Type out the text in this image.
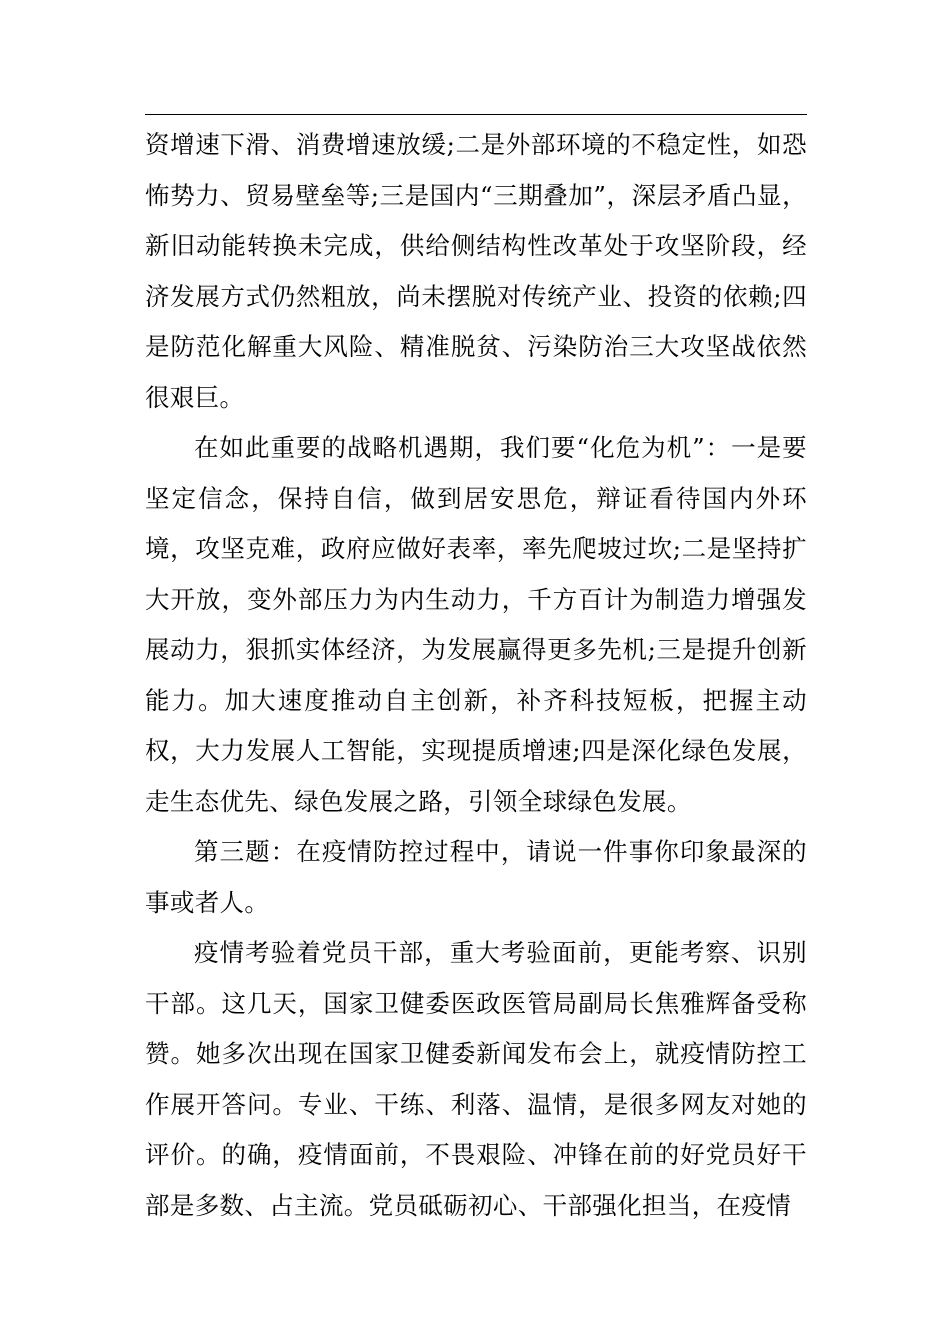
资增速下滑、消费增速放缓;二是外部环境的不稳定性，如恐怖势力、贸易壁垒等;三是国内“三期叠加”，深层矛盾凸显，新旧动能转换未完成，供给侧结构性改革处于攻坚阶段，经济发展方式仍然粗放，尚未摆脱对传统产业、投资的依赖;四是防范化解重大风险、精准脱贫、污染防治三大攻坚战依然很艰巨。

在如此重要的战略机遇期，我们要“化危为机”：一是要坚定信念，保持自信，做到居安思危，辩证看待国内外环境，攻坚克难，政府应做好表率，率先爬坡过坎;二是坚持扩大开放，变外部压力为内生动力，千方百计为制造力增强发展动力，狠抓实体经济，为发展赢得更多先机;三是提升创新能力。加大速度推动自主创新，补齐科技短板，把握主动权，大力发展人工智能，实现提质增速;四是深化绿色发展，走生态优先、绿色发展之路，引领全球绿色发展。

第三题：在疫情防控过程中，请说一件事你印象最深的事或者人。

疫情考验着党员干部，重大考验面前，更能考察、识别干部。这几天，国家卫健委医政医管局副局长焦雅辉备受称赞。她多次出现在国家卫健委新闻发布会上，就疫情防控工作展开答问。专业、干练、利落、温情，是很多网友对她的评价。的确，疫情面前，不畏艰险、冲锋在前的好党员好干部是多数、占主流。党员砥砺初心、干部强化担当，在疫情
